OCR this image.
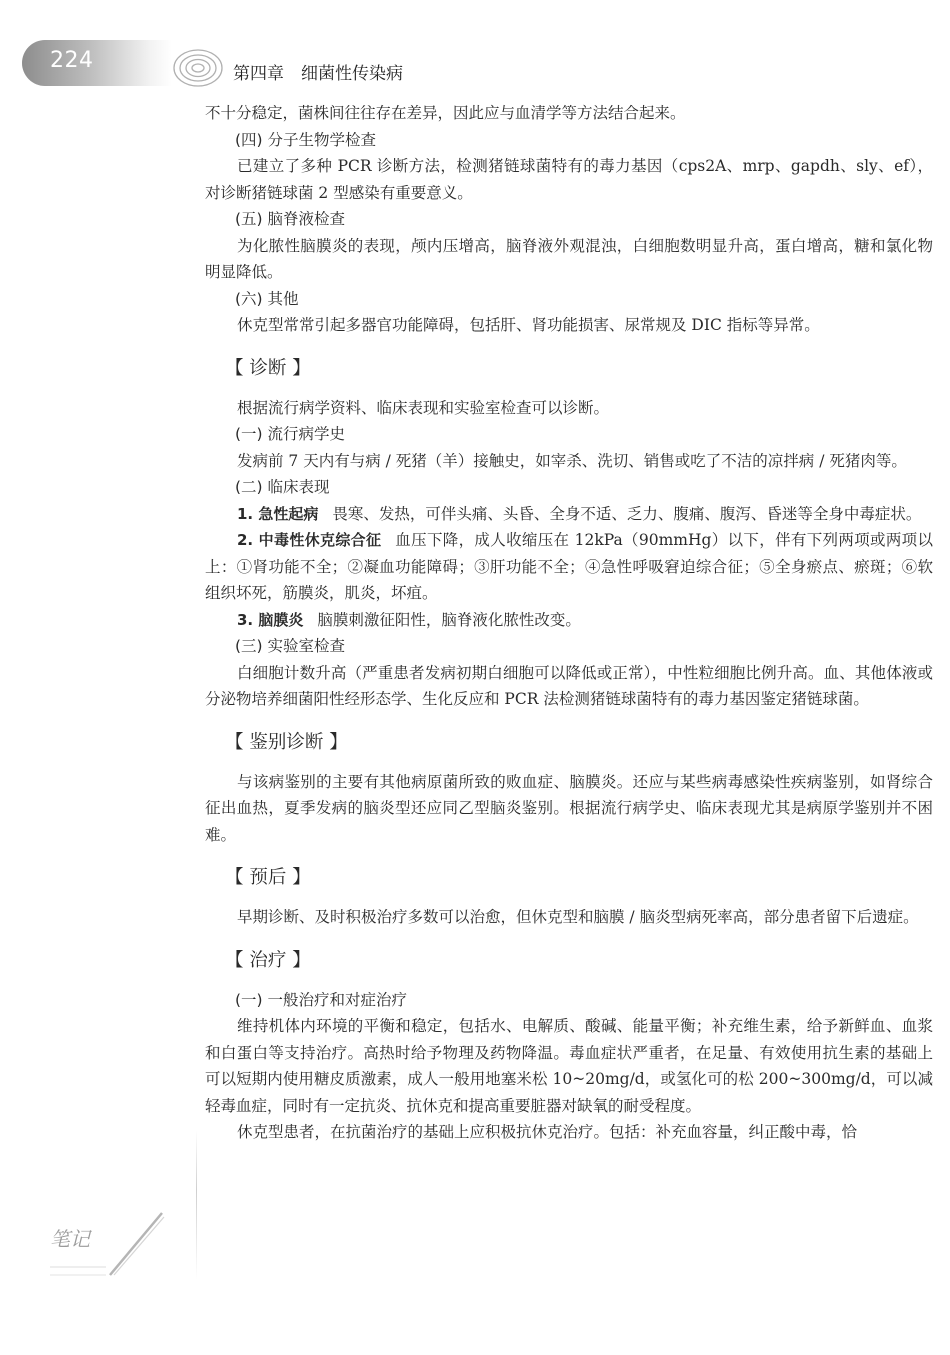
224
第四章　细菌性传染病

不十分稳定，菌株间往往存在差异，因此应与血清学等方法结合起来。

(四) 分子生物学检查

已建立了多种 PCR 诊断方法，检测猪链球菌特有的毒力基因（cps2A、mrp、gapdh、sly、ef），对诊断猪链球菌 2 型感染有重要意义。

(五) 脑脊液检查

为化脓性脑膜炎的表现，颅内压增高，脑脊液外观混浊，白细胞数明显升高，蛋白增高，糖和氯化物明显降低。

(六) 其他

休克型常常引起多器官功能障碍，包括肝、肾功能损害、尿常规及 DIC 指标等异常。

【 诊断 】

根据流行病学资料、临床表现和实验室检查可以诊断。

(一) 流行病学史

发病前 7 天内有与病 / 死猪（羊）接触史，如宰杀、洗切、销售或吃了不洁的凉拌病 / 死猪肉等。

(二) 临床表现

1. 急性起病 畏寒、发热，可伴头痛、头昏、全身不适、乏力、腹痛、腹泻、昏迷等全身中毒症状。

2. 中毒性休克综合征 血压下降，成人收缩压在 12kPa（90mmHg）以下，伴有下列两项或两项以上：①肾功能不全；②凝血功能障碍；③肝功能不全；④急性呼吸窘迫综合征；⑤全身瘀点、瘀斑；⑥软组织坏死，筋膜炎，肌炎，坏疽。

3. 脑膜炎 脑膜刺激征阳性，脑脊液化脓性改变。

(三) 实验室检查

白细胞计数升高（严重患者发病初期白细胞可以降低或正常），中性粒细胞比例升高。血、其他体液或分泌物培养细菌阳性经形态学、生化反应和 PCR 法检测猪链球菌特有的毒力基因鉴定猪链球菌。

【 鉴别诊断 】

与该病鉴别的主要有其他病原菌所致的败血症、脑膜炎。还应与某些病毒感染性疾病鉴别，如肾综合征出血热，夏季发病的脑炎型还应同乙型脑炎鉴别。根据流行病学史、临床表现尤其是病原学鉴别并不困难。

【 预后 】

早期诊断、及时积极治疗多数可以治愈，但休克型和脑膜 / 脑炎型病死率高，部分患者留下后遗症。

【 治疗 】
(一) 一般治疗和对症治疗

维持机体内环境的平衡和稳定，包括水、电解质、酸碱、能量平衡；补充维生素，给予新鲜血、血浆和白蛋白等支持治疗。高热时给予物理及药物降温。毒血症状严重者，在足量、有效使用抗生素的基础上可以短期内使用糖皮质激素，成人一般用地塞米松 10~20mg/d，或氢化可的松 200~300mg/d，可以减轻毒血症，同时有一定抗炎、抗休克和提高重要脏器对缺氧的耐受程度。

休克型患者，在抗菌治疗的基础上应积极抗休克治疗。包括：补充血容量，纠正酸中毒，恰

笔记
